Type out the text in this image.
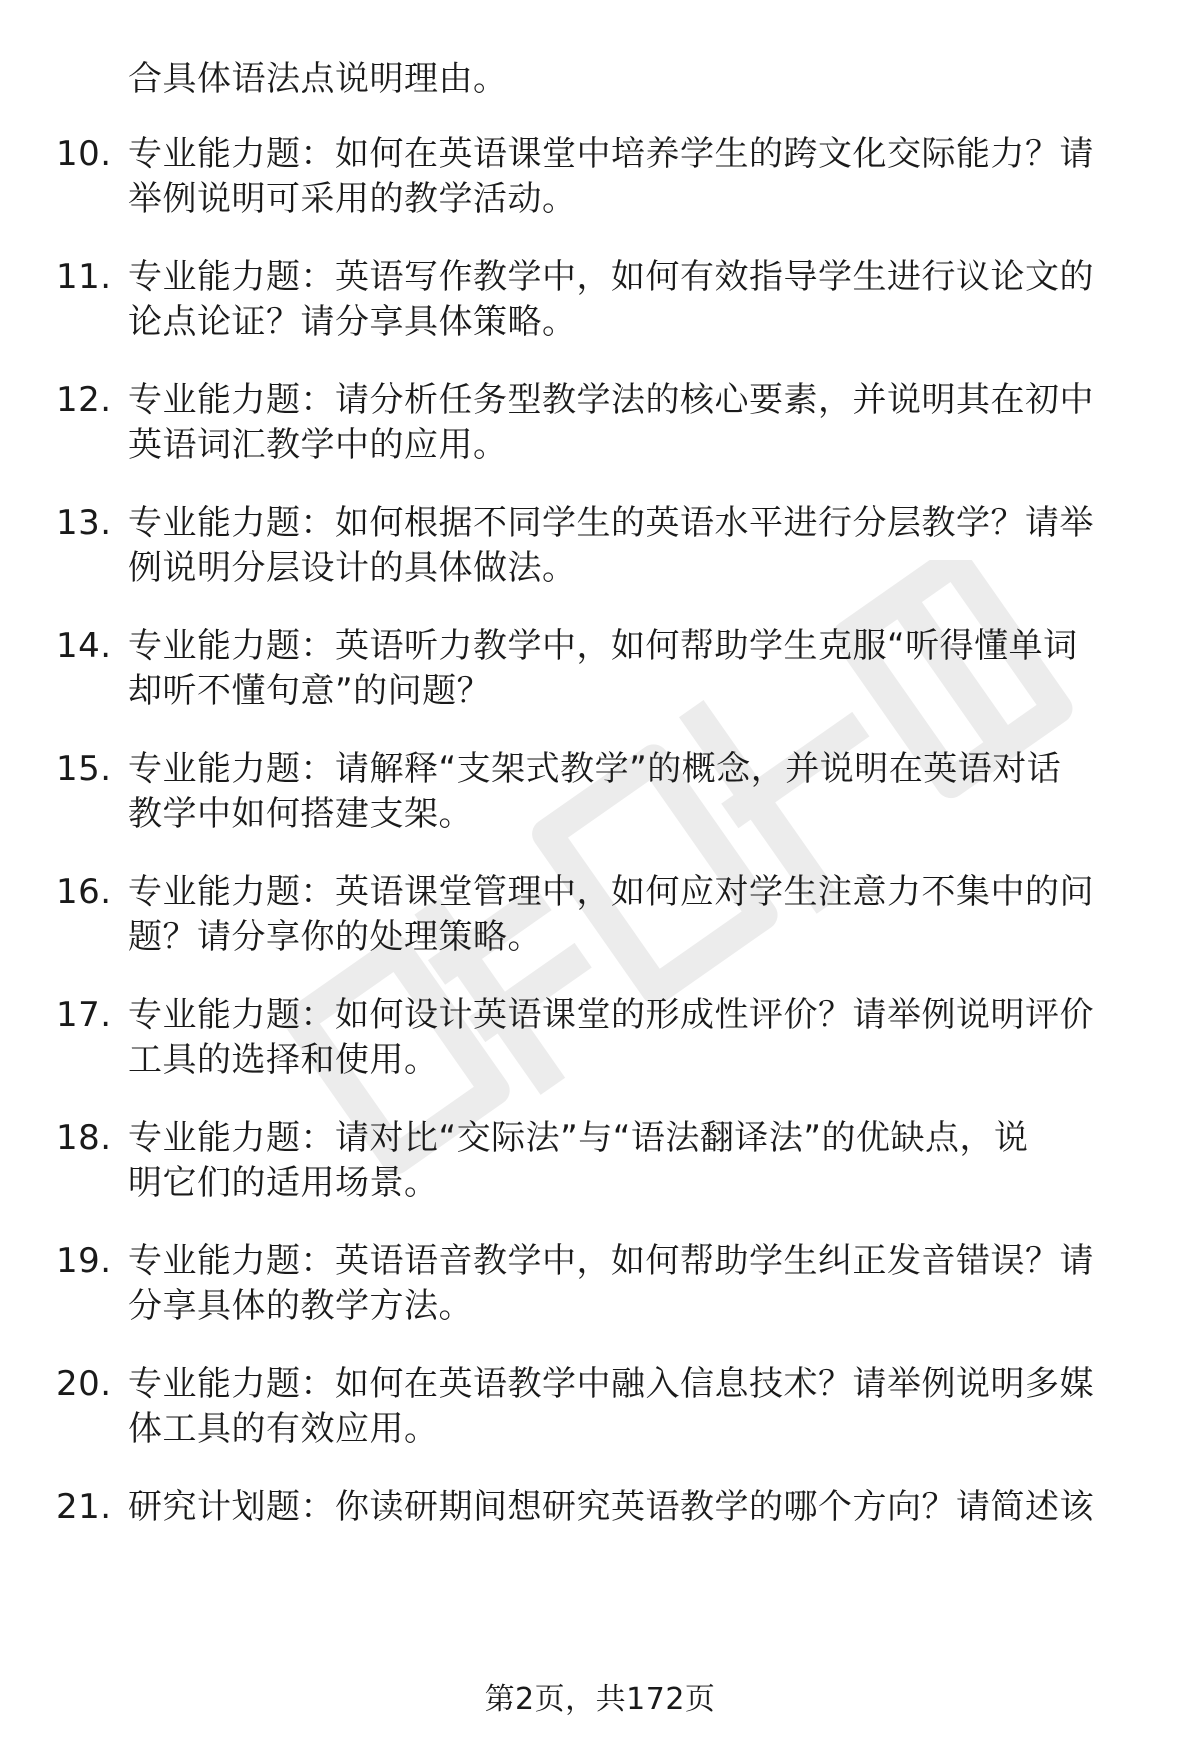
合具体语法点说明理由。
10. 专业能力题：如何在英语课堂中培养学生的跨文化交际能力？请
举例说明可采用的教学活动。
11. 专业能力题：英语写作教学中，如何有效指导学生进行议论文的
论点论证？请分享具体策略。
12. 专业能力题：请分析任务型教学法的核心要素，并说明其在初中
英语词汇教学中的应用。
13. 专业能力题：如何根据不同学生的英语水平进行分层教学？请举
例说明分层设计的具体做法。
14. 专业能力题：英语听力教学中，如何帮助学生克服“听得懂单词
却听不懂句意”的问题？
15. 专业能力题：请解释“支架式教学”的概念，并说明在英语对话
教学中如何搭建支架。
16. 专业能力题：英语课堂管理中，如何应对学生注意力不集中的问
题？请分享你的处理策略。
17. 专业能力题：如何设计英语课堂的形成性评价？请举例说明评价
工具的选择和使用。
18. 专业能力题：请对比“交际法”与“语法翻译法”的优缺点，说
明它们的适用场景。
19. 专业能力题：英语语音教学中，如何帮助学生纠正发音错误？请
分享具体的教学方法。
20. 专业能力题：如何在英语教学中融入信息技术？请举例说明多媒
体工具的有效应用。
21. 研究计划题：你读研期间想研究英语教学的哪个方向？请简述该
第2页，共172页
